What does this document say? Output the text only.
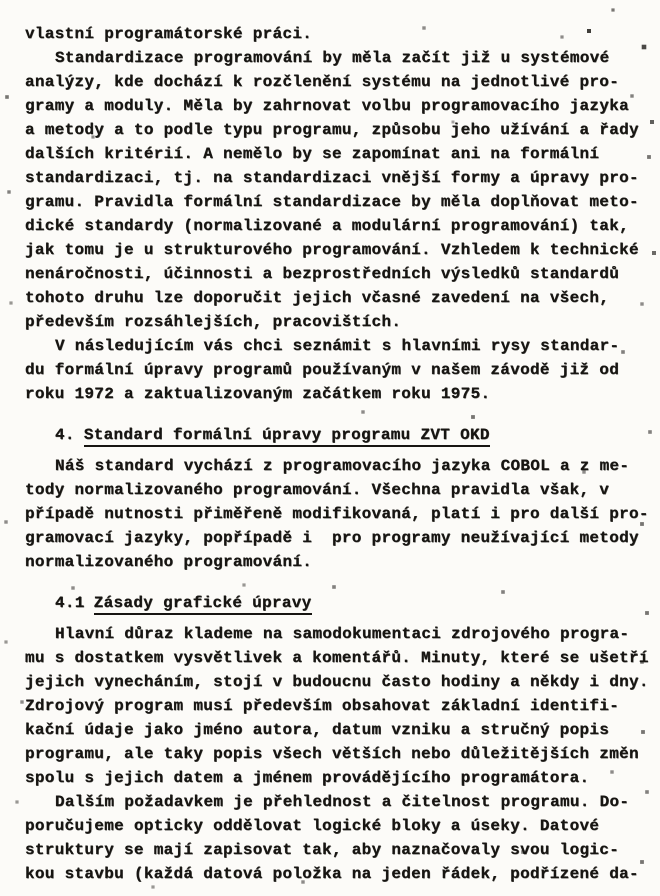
vlastní programátorské práci.
Standardizace programování by měla začít již u systémové
analýzy, kde dochází k rozčlenění systému na jednotlivé pro-
gramy a moduly. Měla by zahrnovat volbu programovacího jazyka
a metody a to podle typu programu, způsobu jeho užívání a řady
dalších kritérií. A nemělo by se zapomínat ani na formální
standardizaci, tj. na standardizaci vnější formy a úpravy pro-
gramu. Pravidla formální standardizace by měla doplňovat meto-
dické standardy (normalizované a modulární programování) tak,
jak tomu je u strukturového programování. Vzhledem k technické
nenáročnosti, účinnosti a bezprostředních výsledků standardů
tohoto druhu lze doporučit jejich včasné zavedení na všech,
především rozsáhlejších, pracovištích.
V následujícím vás chci seznámit s hlavními rysy standar-
du formální úpravy programů používaným v našem závodě již od
roku 1972 a zaktualizovaným začátkem roku 1975.
4. Standard formální úpravy programu ZVT OKD
Náš standard vychází z programovacího jazyka COBOL a z me-
tody normalizovaného programování. Všechna pravidla však, v
případě nutnosti přiměřeně modifikovaná, platí i pro další pro-
gramovací jazyky, popřípadě i  pro programy neužívající metody
normalizovaného programování.
4.1 Zásady grafické úpravy
Hlavní důraz klademe na samodokumentaci zdrojového progra-
mu s dostatkem vysvětlivek a komentářů. Minuty, které se ušetří
jejich vynecháním, stojí v budoucnu často hodiny a někdy i dny.
Zdrojový program musí především obsahovat základní identifi-
kační údaje jako jméno autora, datum vzniku a stručný popis
programu, ale taky popis všech větších nebo důležitějších změn
spolu s jejich datem a jménem provádějícího programátora.
Dalším požadavkem je přehlednost a čitelnost programu. Do-
poručujeme opticky oddělovat logické bloky a úseky. Datové
struktury se mají zapisovat tak, aby naznačovaly svou logic-
kou stavbu (každá datová položka na jeden řádek, podřízené da-
